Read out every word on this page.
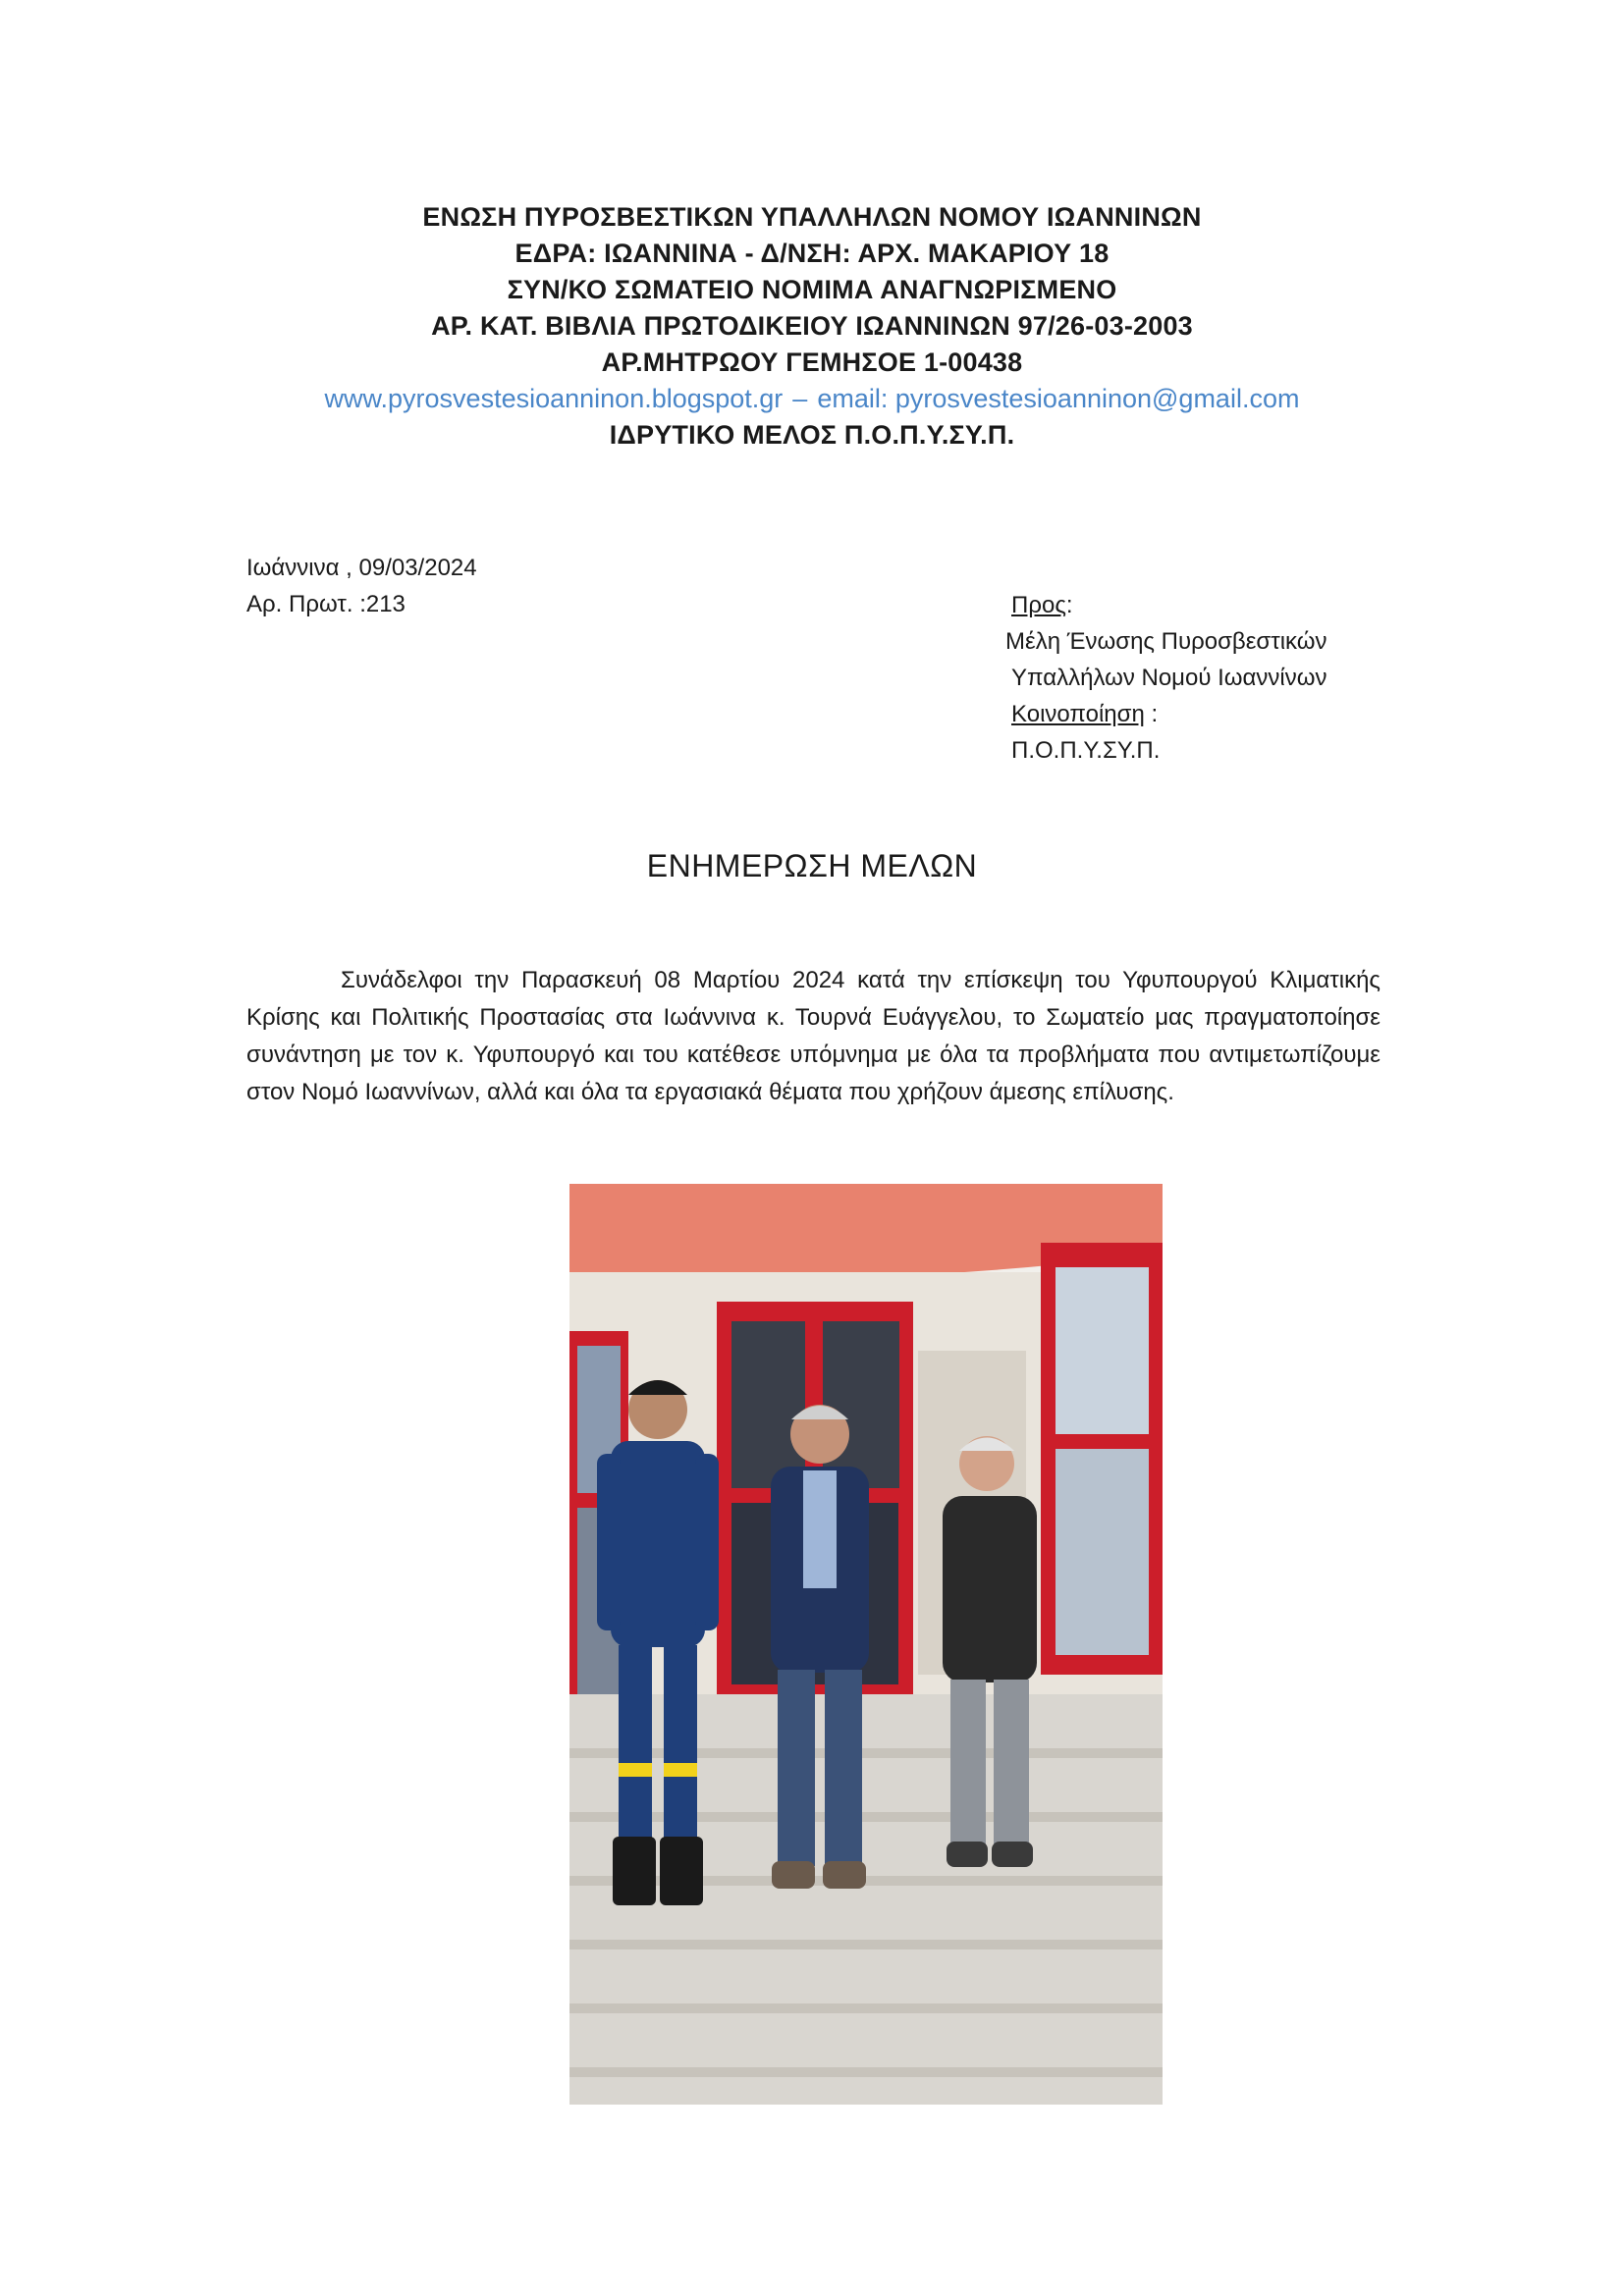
ΕΝΩΣΗ ΠΥΡΟΣΒΕΣΤΙΚΩΝ ΥΠΑΛΛΗΛΩΝ ΝΟΜΟΥ ΙΩΑΝΝΙΝΩΝ
ΕΔΡΑ: ΙΩΑΝΝΙΝΑ - Δ/ΝΣΗ: ΑΡΧ. ΜΑΚΑΡΙΟΥ 18
ΣΥΝ/ΚΟ ΣΩΜΑΤΕΙΟ ΝΟΜΙΜΑ ΑΝΑΓΝΩΡΙΣΜΕΝΟ
ΑΡ. ΚΑΤ. ΒΙΒΛΙΑ ΠΡΩΤΟΔΙΚΕΙΟΥ ΙΩΑΝΝΙΝΩΝ 97/26-03-2003
ΑΡ.ΜΗΤΡΩΟΥ ΓΕΜΗΣΟΕ 1-00438
www.pyrosvestesioanninon.blogspot.gr – email: pyrosvestesioanninon@gmail.com
ΙΔΡΥΤΙΚΟ ΜΕΛΟΣ Π.Ο.Π.Υ.ΣΥ.Π.
Ιωάννινα , 09/03/2024
Αρ. Πρωτ. :213	Προς:
Μέλη Ένωσης Πυροσβεστικών
Υπαλλήλων Νομού Ιωαννίνων
Κοινοποίηση :
Π.Ο.Π.Υ.ΣΥ.Π.
ΕΝΗΜΕΡΩΣΗ ΜΕΛΩΝ
Συνάδελφοι την Παρασκευή 08 Μαρτίου 2024 κατά την επίσκεψη του Υφυπουργού Κλιματικής Κρίσης και Πολιτικής Προστασίας στα Ιωάννινα κ. Τουρνά Ευάγγελου, το Σωματείο μας πραγματοποίησε συνάντηση με τον κ. Υφυπουργό και του κατέθεσε υπόμνημα με όλα τα προβλήματα που αντιμετωπίζουμε στον Νομό Ιωαννίνων, αλλά και όλα τα εργασιακά θέματα που χρήζουν άμεσης επίλυσης.
